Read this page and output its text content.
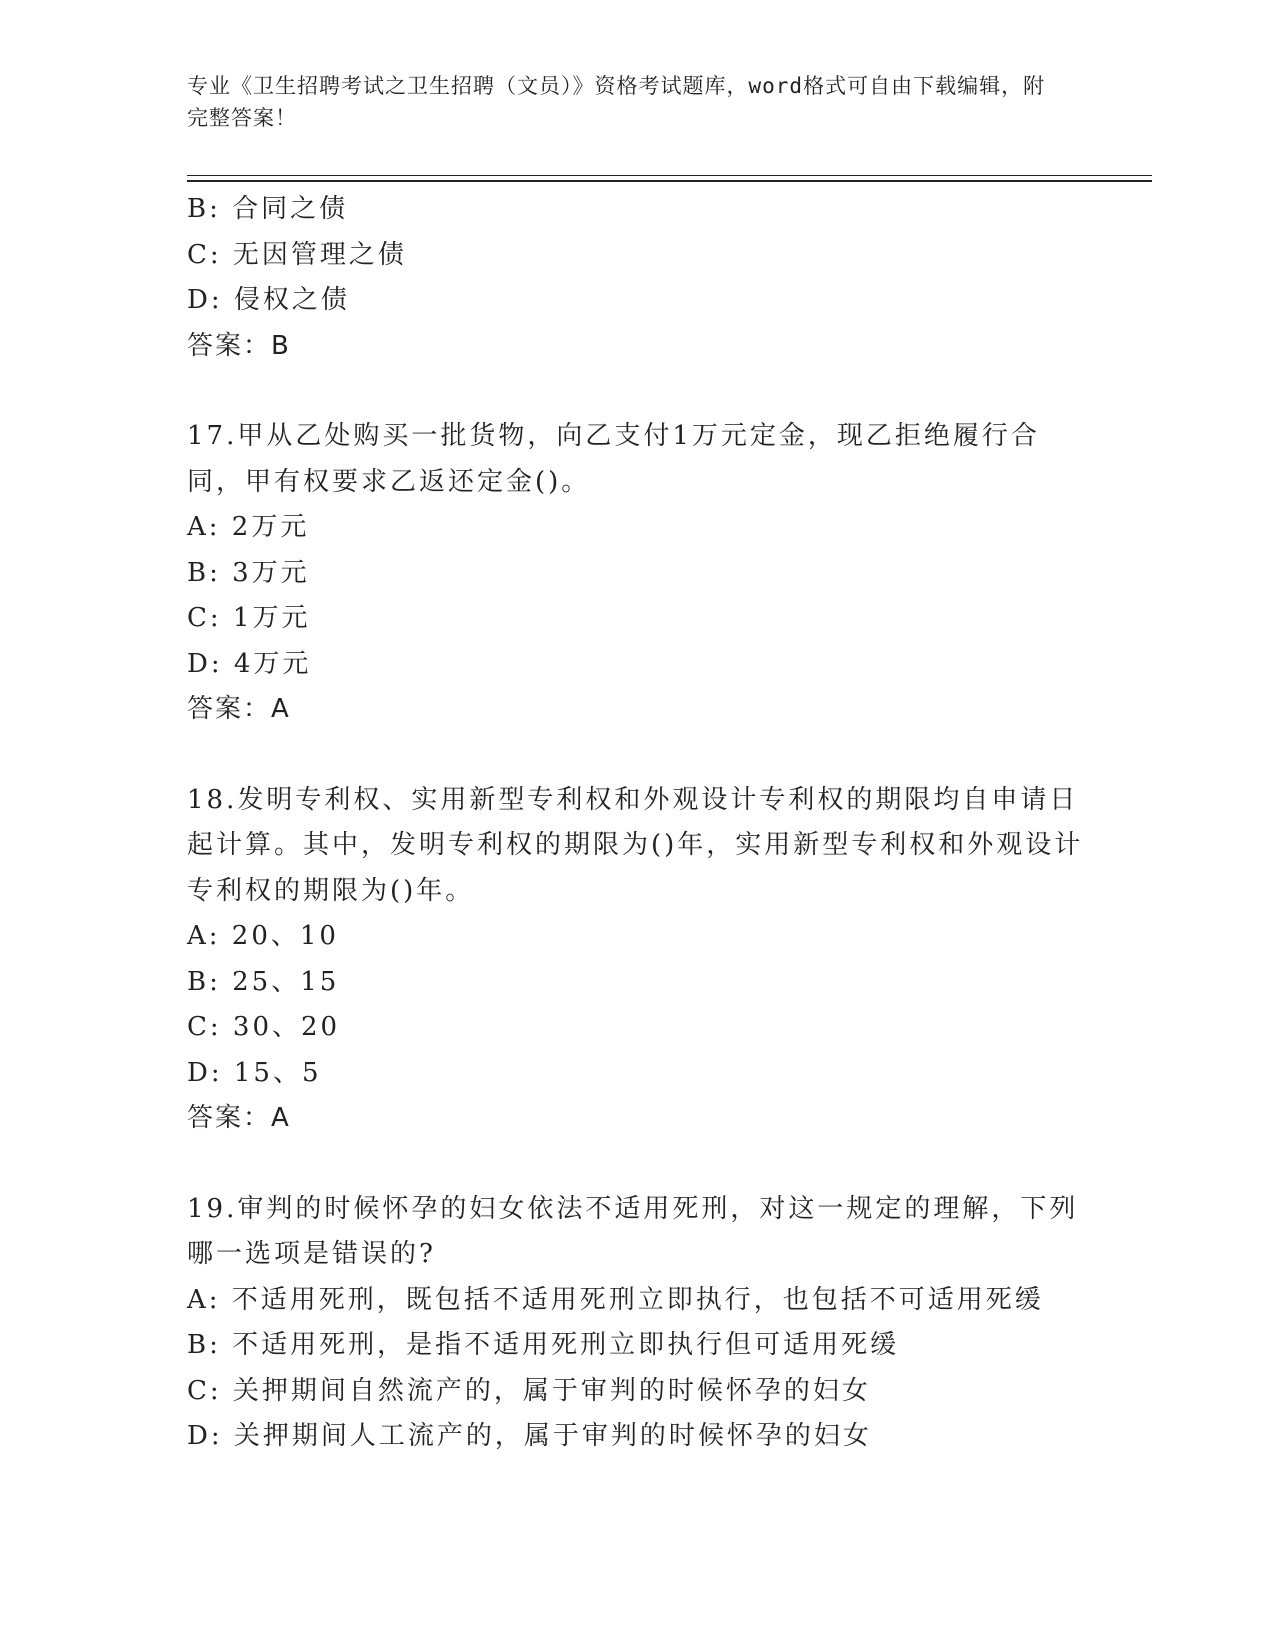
专业《卫生招聘考试之卫生招聘（文员）》资格考试题库，word格式可自由下载编辑，附完整答案！
B: 合同之债
C: 无因管理之债
D: 侵权之债
答案：B
17.甲从乙处购买一批货物，向乙支付1万元定金，现乙拒绝履行合同，甲有权要求乙返还定金()。
A: 2万元
B: 3万元
C: 1万元
D: 4万元
答案：A
18.发明专利权、实用新型专利权和外观设计专利权的期限均自申请日起计算。其中，发明专利权的期限为()年，实用新型专利权和外观设计专利权的期限为()年。
A: 20、10
B: 25、15
C: 30、20
D: 15、5
答案：A
19.审判的时候怀孕的妇女依法不适用死刑，对这一规定的理解，下列哪一选项是错误的?
A: 不适用死刑，既包括不适用死刑立即执行，也包括不可适用死缓
B: 不适用死刑，是指不适用死刑立即执行但可适用死缓
C: 关押期间自然流产的，属于审判的时候怀孕的妇女
D: 关押期间人工流产的，属于审判的时候怀孕的妇女
